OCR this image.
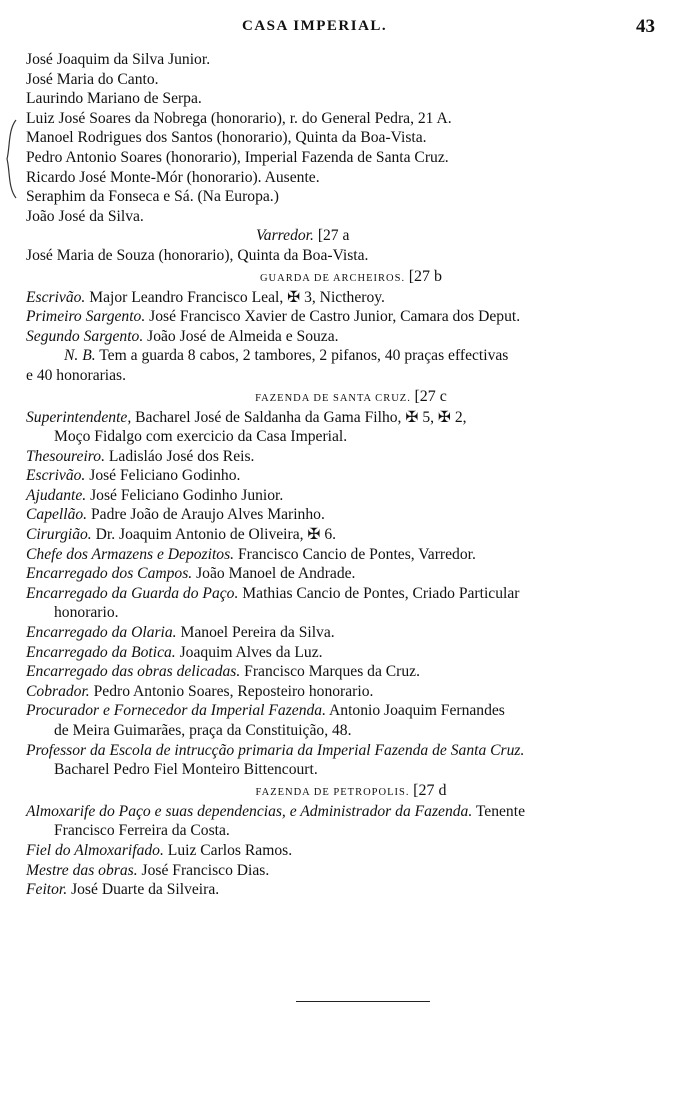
CASA IMPERIAL.	43
José Joaquim da Silva Junior.
José Maria do Canto.
Laurindo Mariano de Serpa.
Luiz José Soares da Nobrega (honorario), r. do General Pedra, 21 A.
Manoel Rodrigues dos Santos (honorario), Quinta da Boa-Vista.
Pedro Antonio Soares (honorario), Imperial Fazenda de Santa Cruz.
Ricardo José Monte-Mór (honorario). Ausente.
Seraphim da Fonseca e Sá. (Na Europa.)
João José da Silva.
Varredor. [27 a
José Maria de Souza (honorario), Quinta da Boa-Vista.
GUARDA DE ARCHEIROS. [27 b
Escrivão. Major Leandro Francisco Leal, ✠ 3, Nictheroy.
Primeiro Sargento. José Francisco Xavier de Castro Junior, Camara dos Deput.
Segundo Sargento. João José de Almeida e Souza.
N. B. Tem a guarda 8 cabos, 2 tambores, 2 pifanos, 40 praças effectivas
e 40 honorarias.
FAZENDA DE SANTA CRUZ. [27 c
Superintendente, Bacharel José de Saldanha da Gama Filho, ✠ 5, ✠ 2,
Moço Fidalgo com exercicio da Casa Imperial.
Thesoureiro. Ladisláo José dos Reis.
Escrivão. José Feliciano Godinho.
Ajudante. José Feliciano Godinho Junior.
Capellão. Padre João de Araujo Alves Marinho.
Cirurgião. Dr. Joaquim Antonio de Oliveira, ✠ 6.
Chefe dos Armazens e Depozitos. Francisco Cancio de Pontes, Varredor.
Encarregado dos Campos. João Manoel de Andrade.
Encarregado da Guarda do Paço. Mathias Cancio de Pontes, Criado Particular
honorario.
Encarregado da Olaria. Manoel Pereira da Silva.
Encarregado da Botica. Joaquim Alves da Luz.
Encarregado das obras delicadas. Francisco Marques da Cruz.
Cobrador. Pedro Antonio Soares, Reposteiro honorario.
Procurador e Fornecedor da Imperial Fazenda. Antonio Joaquim Fernandes
de Meira Guimarães, praça da Constituição, 48.
Professor da Escola de intrucção primaria da Imperial Fazenda de Santa Cruz.
Bacharel Pedro Fiel Monteiro Bittencourt.
FAZENDA DE PETROPOLIS. [27 d
Almoxarife do Paço e suas dependencias, e Administrador da Fazenda. Tenente
Francisco Ferreira da Costa.
Fiel do Almoxarifado. Luiz Carlos Ramos.
Mestre das obras. José Francisco Dias.
Feitor. José Duarte da Silveira.
